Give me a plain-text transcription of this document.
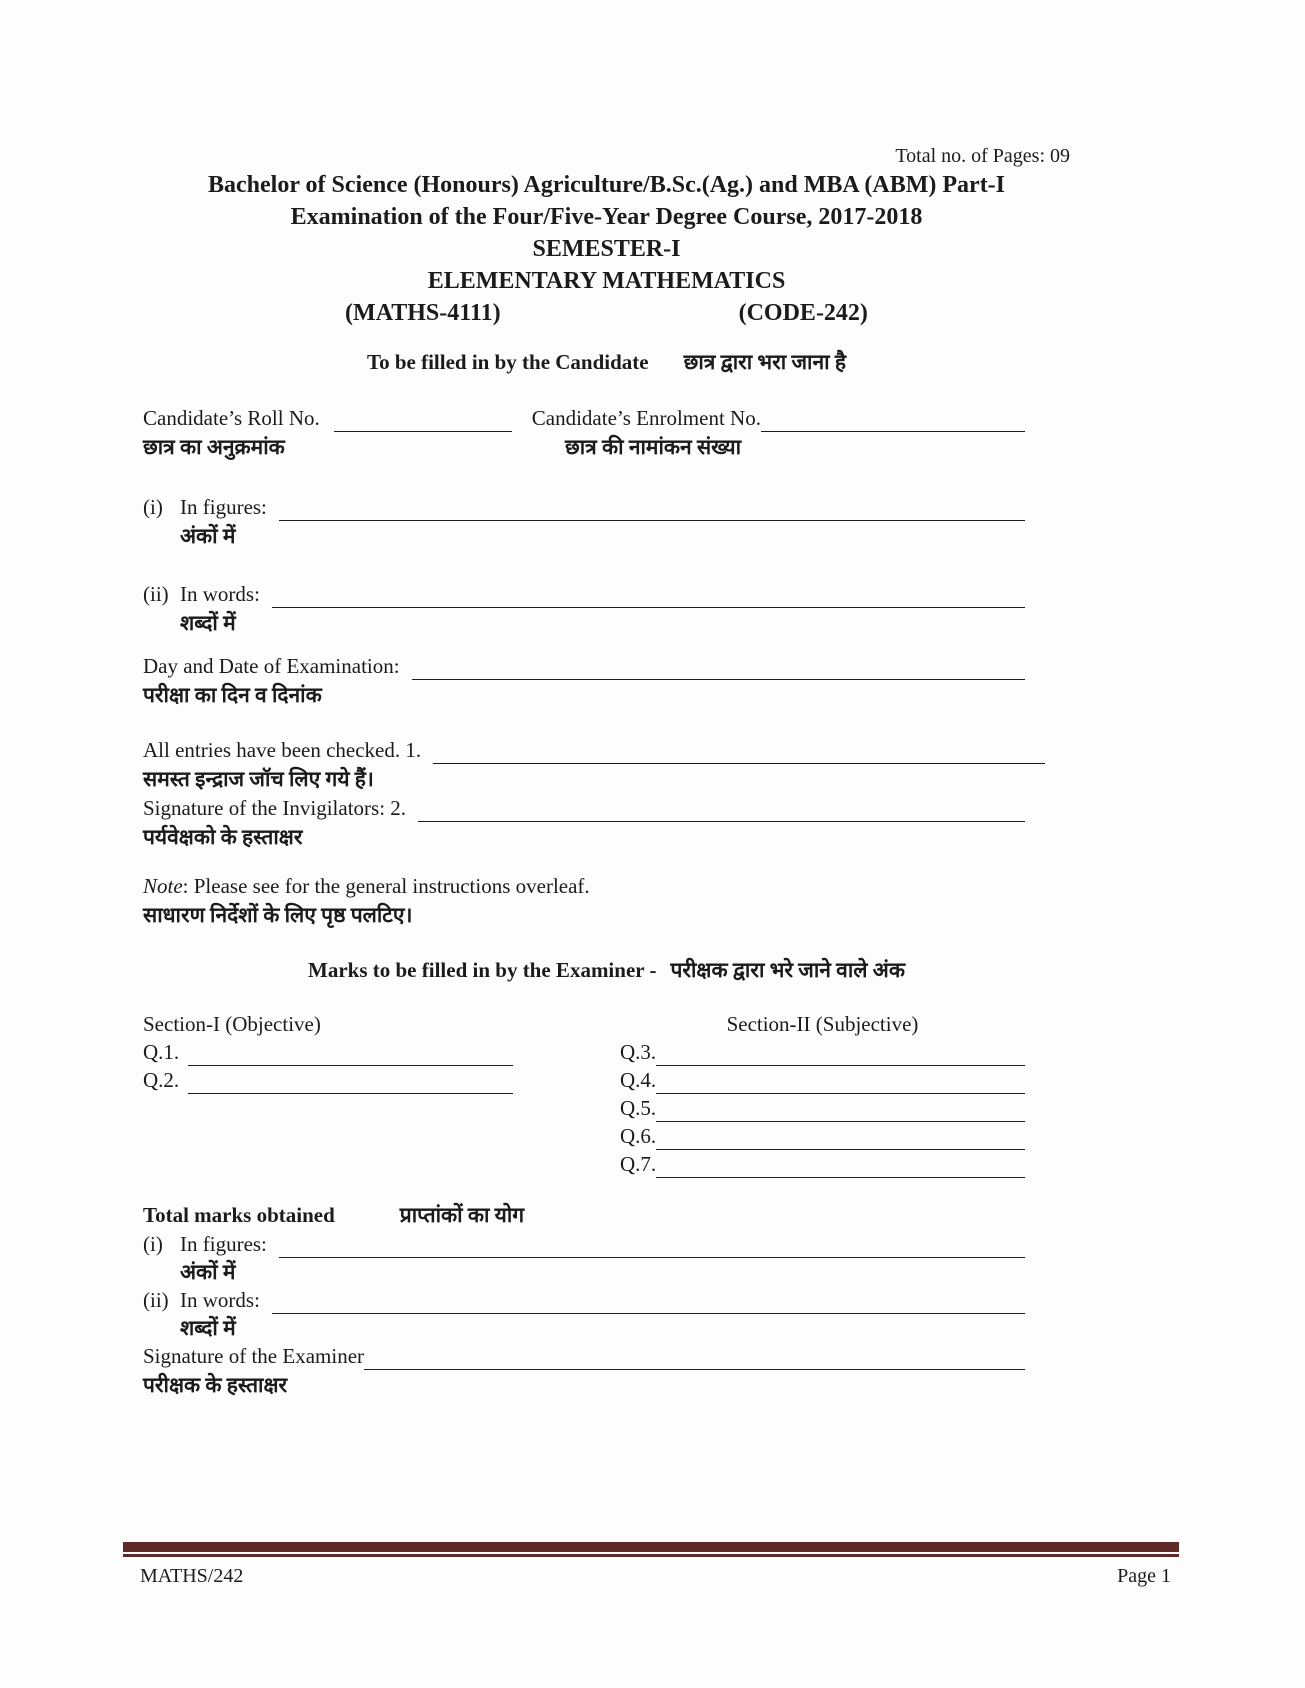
Total no. of Pages: 09
Bachelor of Science (Honours) Agriculture/B.Sc.(Ag.) and MBA (ABM) Part-I
Examination of the Four/Five-Year Degree Course, 2017-2018
SEMESTER-I
ELEMENTARY MATHEMATICS
(MATHS-4111)	(CODE-242)
To be filled in by the Candidate छात्र द्वारा भरा जाना है
Candidate’s Roll No.	Candidate’s Enrolment No.
छात्र का अनुक्रमांक	छात्र की नामांकन संख्या
(i) In figures:
अंकों में
(ii) In words:
शब्दों में
Day and Date of Examination:
परीक्षा का दिन व दिनांक
All entries have been checked. 1.
समस्त इन्द्राज जॉच लिए गये हैं।
Signature of the Invigilators: 2.
पर्यवेक्षको के हस्ताक्षर
Note : Please see for the general instructions overleaf.
साधारण निर्देशों के लिए पृष्ठ पलटिए।
Marks to be filled in by the Examiner - परीक्षक द्वारा भरे जाने वाले अंक
Section-I (Objective)
Q.1.
Q.2.
Section-II (Subjective)
Q.3.
Q.4.
Q.5.
Q.6.
Q.7.
Total marks obtained	प्राप्तांकों का योग
(i) In figures:
अंकों में
(ii) In words:
शब्दों में
Signature of the Examiner
परीक्षक के हस्ताक्षर
MATHS/242	Page 1
